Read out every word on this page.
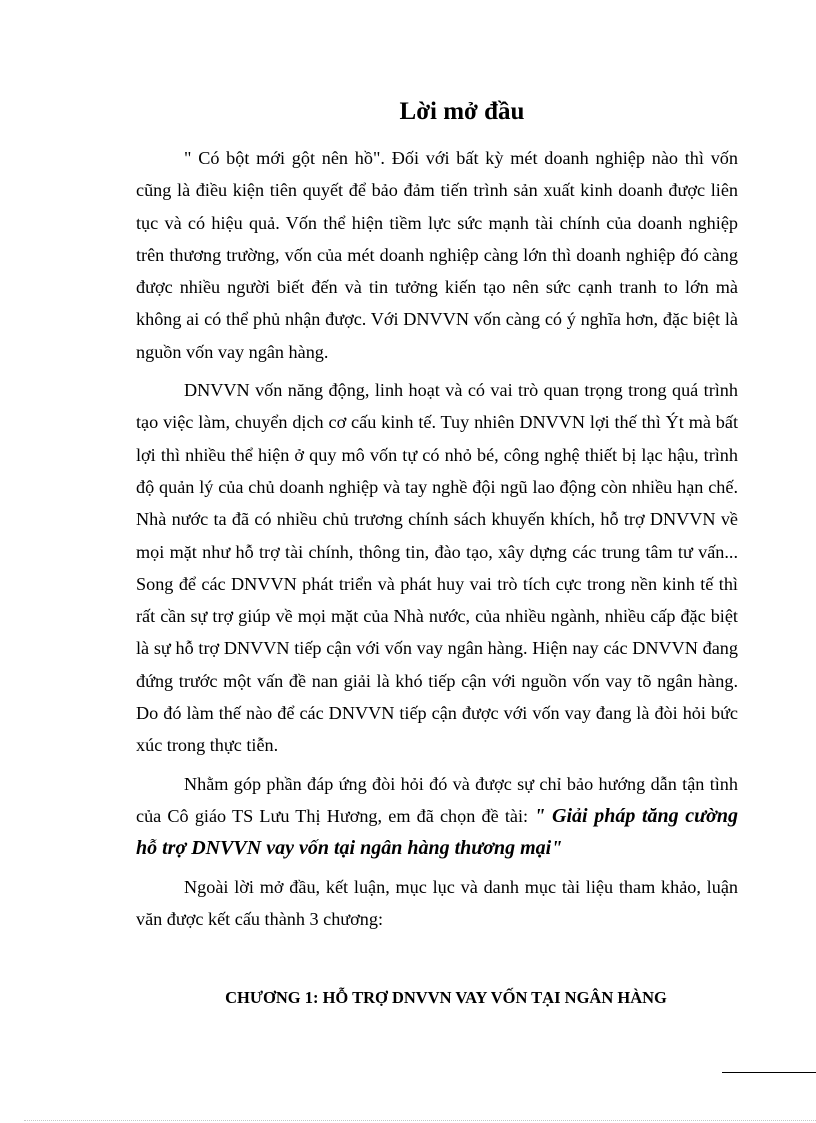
Lời mở đầu

" Có bột mới gột nên hồ". Đối với bất kỳ mét doanh nghiệp nào thì vốn cũng là điều kiện tiên quyết để bảo đảm tiến trình sản xuất kinh doanh được liên tục và có hiệu quả. Vốn thể hiện tiềm lực sức mạnh tài chính của doanh nghiệp trên thương trường, vốn của mét doanh nghiệp càng lớn thì doanh nghiệp đó càng được nhiều người biết đến và tin tưởng kiến tạo nên sức cạnh tranh to lớn mà không ai có thể phủ nhận được. Với DNVVN vốn càng có ý nghĩa hơn, đặc biệt là nguồn vốn vay ngân hàng.

DNVVN vốn năng động, linh hoạt và có vai trò quan trọng trong quá trình tạo việc làm, chuyển dịch cơ cấu kinh tế. Tuy nhiên DNVVN lợi thế thì Ýt mà bất lợi thì nhiều thể hiện ở quy mô vốn tự có nhỏ bé, công nghệ thiết bị lạc hậu, trình độ quản lý của chủ doanh nghiệp và tay nghề đội ngũ lao động còn nhiều hạn chế. Nhà nước ta đã có nhiều chủ trương chính sách khuyến khích, hỗ trợ DNVVN về mọi mặt như hỗ trợ tài chính, thông tin, đào tạo, xây dựng các trung tâm tư vấn... Song để các DNVVN phát triển và phát huy vai trò tích cực trong nền kinh tế thì rất cần sự trợ giúp về mọi mặt của Nhà nước, của nhiều ngành, nhiều cấp đặc biệt là sự hỗ trợ DNVVN tiếp cận với vốn vay ngân hàng. Hiện nay các DNVVN đang đứng trước một vấn đề nan giải là khó tiếp cận với nguồn vốn vay tõ ngân hàng. Do đó làm thế nào để các DNVVN tiếp cận được với vốn vay đang là đòi hỏi bức xúc trong thực tiễn.

Nhằm góp phần đáp ứng đòi hỏi đó và được sự chỉ bảo hướng dẫn tận tình của Cô giáo TS Lưu Thị Hương, em đã chọn đề tài: " Giải pháp tăng cường hỗ trợ DNVVN vay vốn tại ngân hàng thương mại"

Ngoài lời mở đầu, kết luận, mục lục và danh mục tài liệu tham khảo, luận văn được kết cấu thành 3 chương:

CHƯƠNG 1: HỖ TRỢ DNVVN VAY VỐN TẠI NGÂN HÀNG
